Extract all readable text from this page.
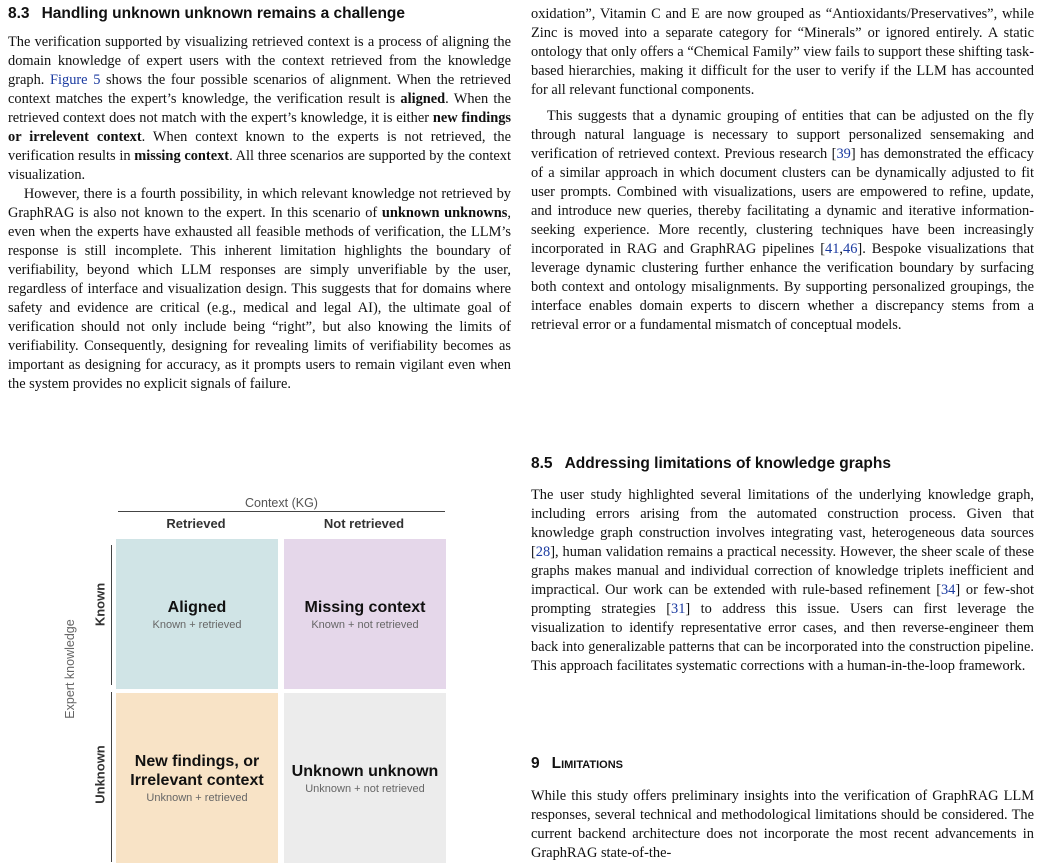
8.3 Handling unknown unknown remains a challenge

The verification supported by visualizing retrieved context is a process of aligning the domain knowledge of expert users with the context retrieved from the knowledge graph. Figure 5 shows the four possible scenarios of alignment. When the retrieved context matches the expert’s knowledge, the verification result is aligned. When the retrieved context does not match with the expert’s knowledge, it is either new findings or irrelevent context. When context known to the experts is not retrieved, the verification results in missing context. All three scenarios are supported by the context visualization.

However, there is a fourth possibility, in which relevant knowledge not retrieved by GraphRAG is also not known to the expert. In this scenario of unknown unknowns, even when the experts have exhausted all feasible methods of verification, the LLM’s response is still incomplete. This inherent limitation highlights the boundary of verifiability, beyond which LLM responses are simply unverifiable by the user, regardless of interface and visualization design. This suggests that for domains where safety and evidence are critical (e.g., medical and legal AI), the ultimate goal of verification should not only include being “right”, but also knowing the limits of verifiability. Consequently, designing for revealing limits of verifiability becomes as important as designing for accuracy, as it prompts users to remain vigilant even when the system provides no explicit signals of failure.

Context (KG)
Retrieved	Not retrieved
Expert knowledge
Known
Unknown
Aligned
Known + retrieved
Missing context
Known + not retrieved
New findings, or Irrelevant context
Unknown + retrieved
Unknown unknown
Unknown + not retrieved

oxidation”, Vitamin C and E are now grouped as “Antioxidants/Preservatives”, while Zinc is moved into a separate category for “Minerals” or ignored entirely. A static ontology that only offers a “Chemical Family” view fails to support these shifting task-based hierarchies, making it difficult for the user to verify if the LLM has accounted for all relevant functional components.

This suggests that a dynamic grouping of entities that can be adjusted on the fly through natural language is necessary to support personalized sensemaking and verification of retrieved context. Previous research [39] has demonstrated the efficacy of a similar approach in which document clusters can be dynamically adjusted to fit user prompts. Combined with visualizations, users are empowered to refine, update, and introduce new queries, thereby facilitating a dynamic and iterative information-seeking experience. More recently, clustering techniques have been increasingly incorporated in RAG and GraphRAG pipelines [41,46]. Bespoke visualizations that leverage dynamic clustering further enhance the verification boundary by surfacing both context and ontology misalignments. By supporting personalized groupings, the interface enables domain experts to discern whether a discrepancy stems from a retrieval error or a fundamental mismatch of conceptual models.

8.5 Addressing limitations of knowledge graphs

The user study highlighted several limitations of the underlying knowledge graph, including errors arising from the automated construction process. Given that knowledge graph construction involves integrating vast, heterogeneous data sources [28], human validation remains a practical necessity. However, the sheer scale of these graphs makes manual and individual correction of knowledge triplets inefficient and impractical. Our work can be extended with rule-based refinement [34] or few-shot prompting strategies [31] to address this issue. Users can first leverage the visualization to identify representative error cases, and then reverse-engineer them back into generalizable patterns that can be incorporated into the construction pipeline. This approach facilitates systematic corrections with a human-in-the-loop framework.

9 Limitations

While this study offers preliminary insights into the verification of GraphRAG LLM responses, several technical and methodological limitations should be considered. The current backend architecture does not incorporate the most recent advancements in GraphRAG state-of-the-
